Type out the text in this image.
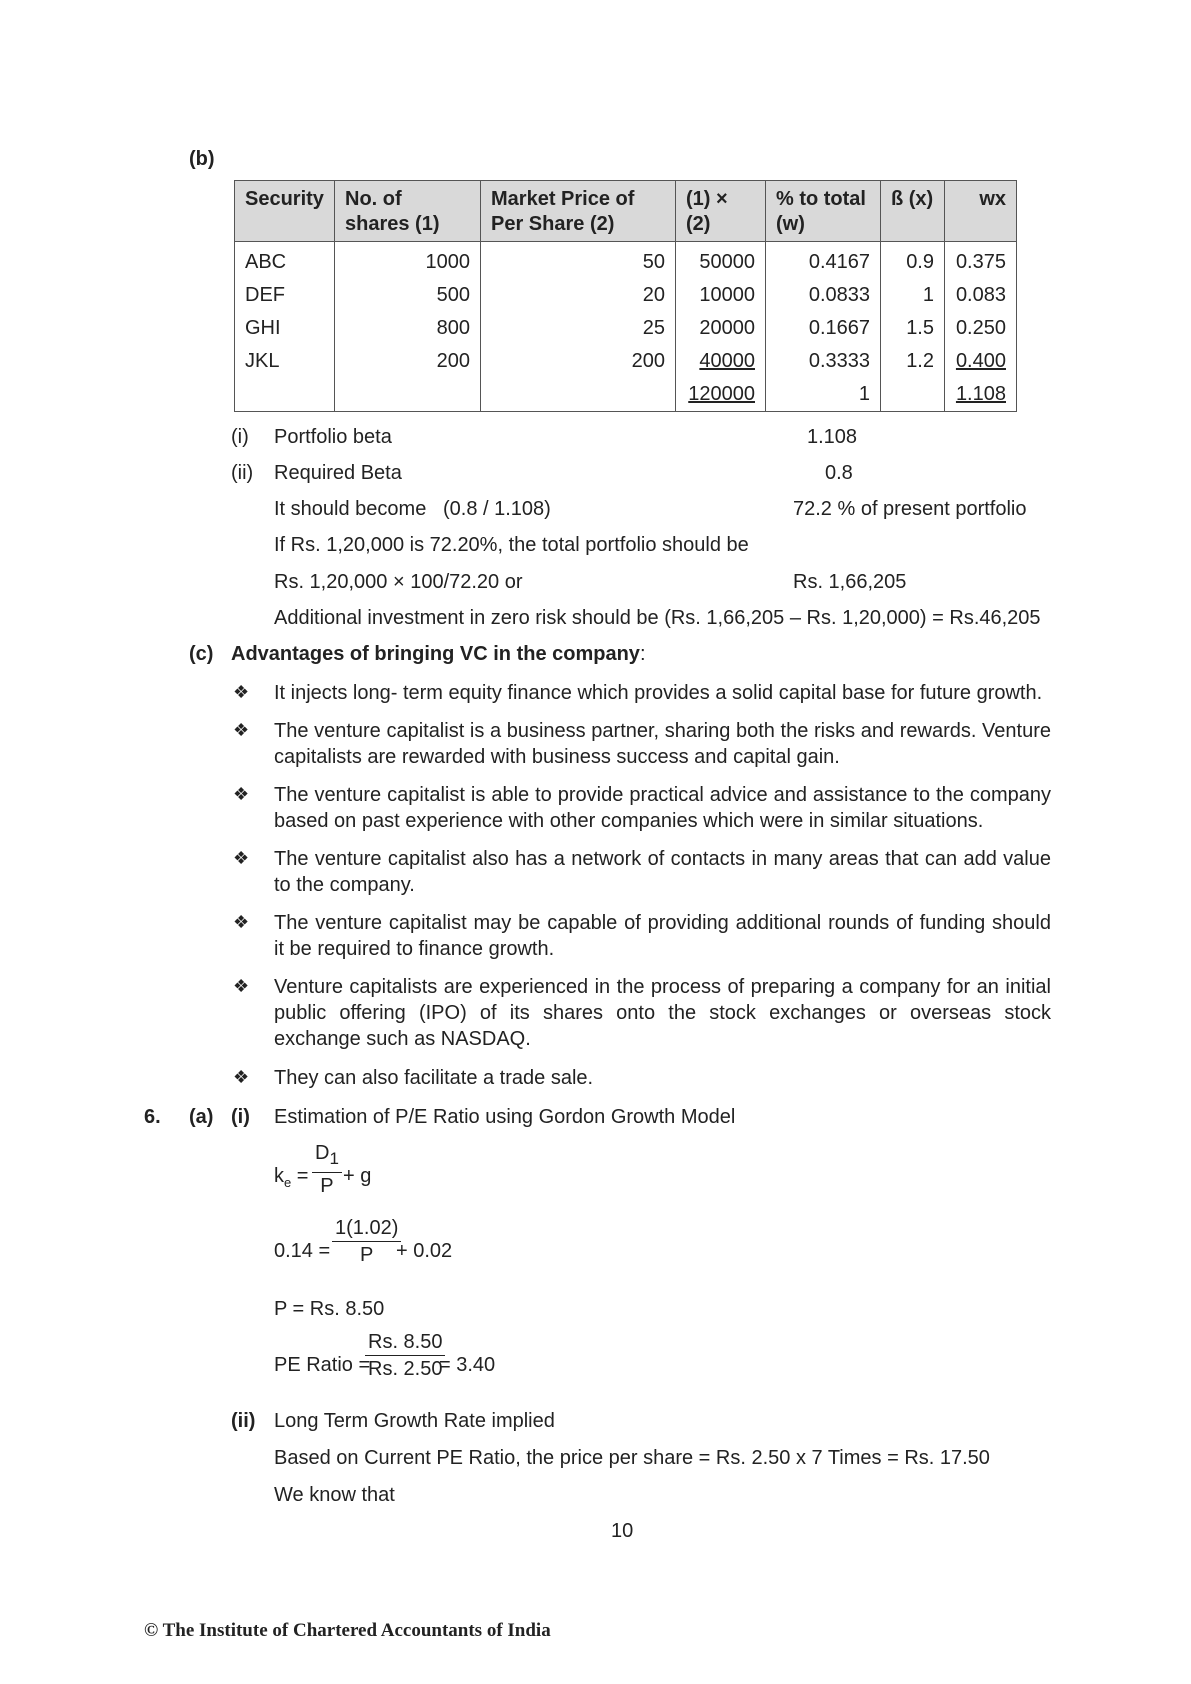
(b)
Security	No. of shares (1)	Market Price of Per Share (2)	(1) × (2)	% to total (w)	ß (x)	wx
ABC	1000	50	50000	0.4167	0.9	0.375
DEF	500	20	10000	0.0833	1	0.083
GHI	800	25	20000	0.1667	1.5	0.250
JKL	200	200	40000	0.3333	1.2	0.400
			120000	1		1.108
(i) Portfolio beta	1.108
(ii) Required Beta	0.8
It should become   (0.8 / 1.108)	72.2 % of present portfolio
If Rs. 1,20,000 is 72.20%, the total portfolio should be
Rs. 1,20,000 × 100/72.20 or	Rs. 1,66,205
Additional investment in zero risk should be (Rs. 1,66,205 – Rs. 1,20,000) = Rs.46,205
(c) Advantages of bringing VC in the company:
❖ It injects long- term equity finance which provides a solid capital base for future growth.
❖ The venture capitalist is a business partner, sharing both the risks and rewards. Venture capitalists are rewarded with business success and capital gain.
❖ The venture capitalist is able to provide practical advice and assistance to the company based on past experience with other companies which were in similar situations.
❖ The venture capitalist also has a network of contacts in many areas that can add value to the company.
❖ The venture capitalist may be capable of providing additional rounds of funding should it be required to finance growth.
❖ Venture capitalists are experienced in the process of preparing a company for an initial public offering (IPO) of its shares onto the stock exchanges or overseas stock exchange such as NASDAQ.
❖ They can also facilitate a trade sale.
6. (a) (i) Estimation of P/E Ratio using Gordon Growth Model
$k_e$ =
$\frac{D_1}{P} + g$
0.14 =
$\frac{1(1.02)}{P}$
+ 0.02
P = Rs. 8.50
PE Ratio =
$\frac{Rs. 8.50}{Rs. 2.50}$
= 3.40
(ii) Long Term Growth Rate implied
Based on Current PE Ratio, the price per share = Rs. 2.50 x 7 Times = Rs. 17.50
We know that
10
© The Institute of Chartered Accountants of India
